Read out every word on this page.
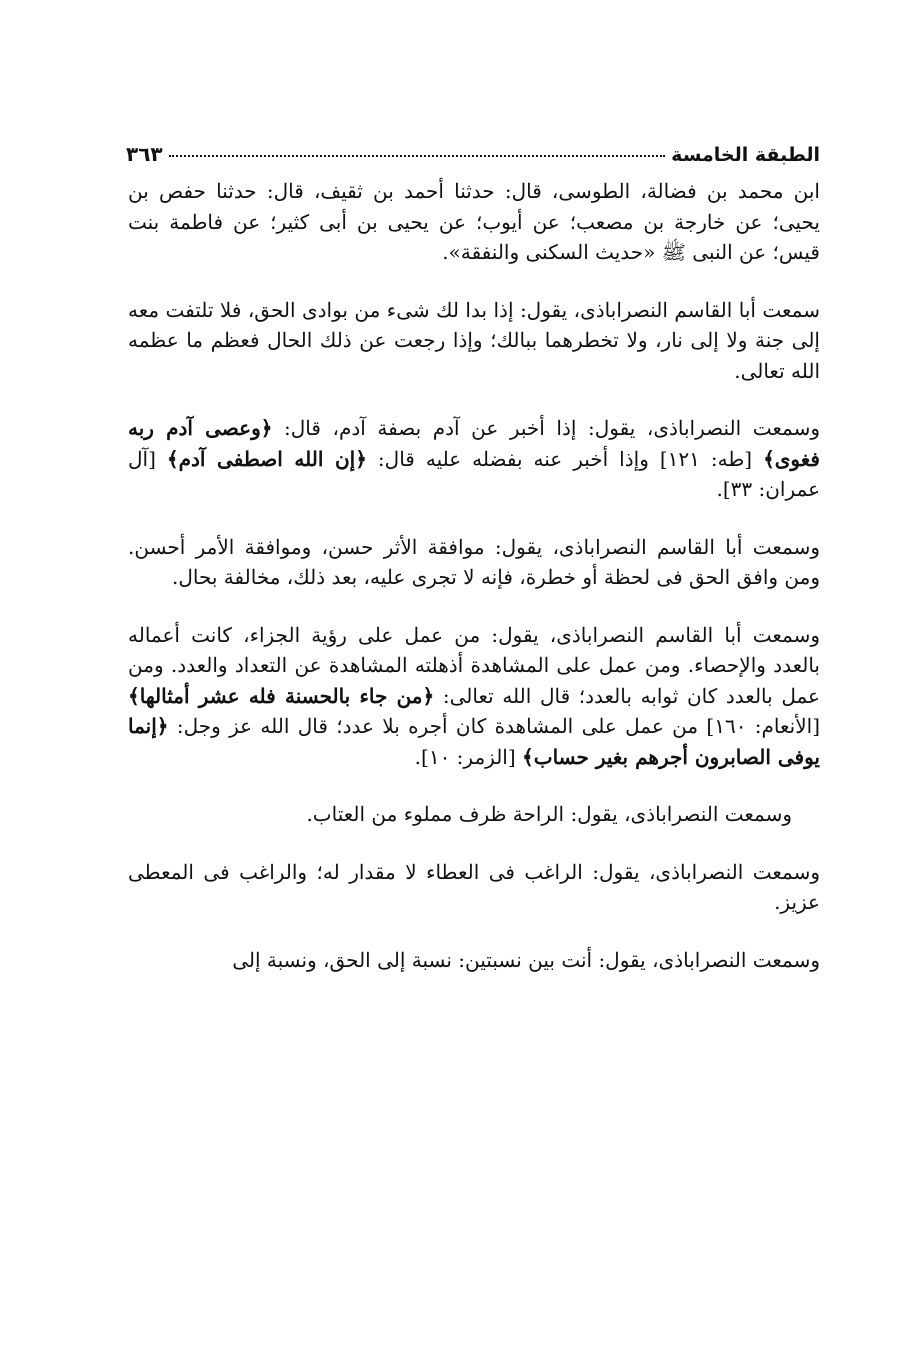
الطبقة الخامسة
٣٦٣

ابن محمد بن فضالة، الطوسى، قال: حدثنا أحمد بن ثقيف، قال: حدثنا حفص بن يحيى؛ عن خارجة بن مصعب؛ عن أيوب؛ عن يحيى بن أبى كثير؛ عن فاطمة بنت قيس؛ عن النبى ﷺ «حديث السكنى والنفقة».

سمعت أبا القاسم النصراباذى، يقول: إذا بدا لك شىء من بوادى الحق، فلا تلتفت معه إلى جنة ولا إلى نار، ولا تخطرهما ببالك؛ وإذا رجعت عن ذلك الحال فعظم ما عظمه الله تعالى.

وسمعت النصراباذى، يقول: إذا أخبر عن آدم بصفة آدم، قال: ﴿وعصى آدم ربه فغوى﴾ [طه: ١٢١] وإذا أخبر عنه بفضله عليه قال: ﴿إن الله اصطفى آدم﴾ [آل عمران: ٣٣].

وسمعت أبا القاسم النصراباذى، يقول: موافقة الأثر حسن، وموافقة الأمر أحسن. ومن وافق الحق فى لحظة أو خطرة، فإنه لا تجرى عليه، بعد ذلك، مخالفة بحال.

وسمعت أبا القاسم النصراباذى، يقول: من عمل على رؤية الجزاء، كانت أعماله بالعدد والإحصاء. ومن عمل على المشاهدة أذهلته المشاهدة عن التعداد والعدد. ومن عمل بالعدد كان ثوابه بالعدد؛ قال الله تعالى: ﴿من جاء بالحسنة فله عشر أمثالها﴾ [الأنعام: ١٦٠] من عمل على المشاهدة كان أجره بلا عدد؛ قال الله عز وجل: ﴿إنما يوفى الصابرون أجرهم بغير حساب﴾ [الزمر: ١٠].

وسمعت النصراباذى، يقول: الراحة ظرف مملوء من العتاب.

وسمعت النصراباذى، يقول: الراغب فى العطاء لا مقدار له؛ والراغب فى المعطى عزيز.

وسمعت النصراباذى، يقول: أنت بين نسبتين: نسبة إلى الحق، ونسبة إلى
